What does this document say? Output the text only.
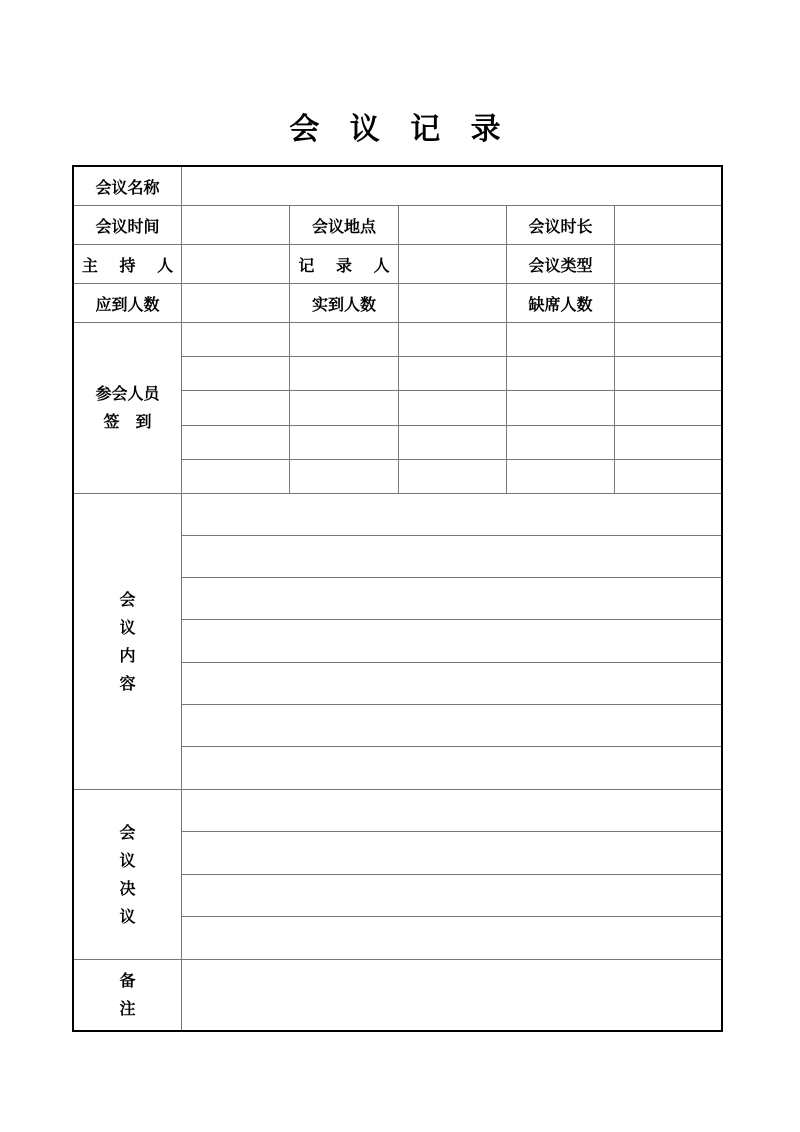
会 议 记 录
会议名称
会议时间	会议地点	会议时长
主 持 人	记 录 人	会议类型
应到人数	实到人数	缺席人数
参会人员
签　到
会
议
内
容
会
议
决
议
备
注
